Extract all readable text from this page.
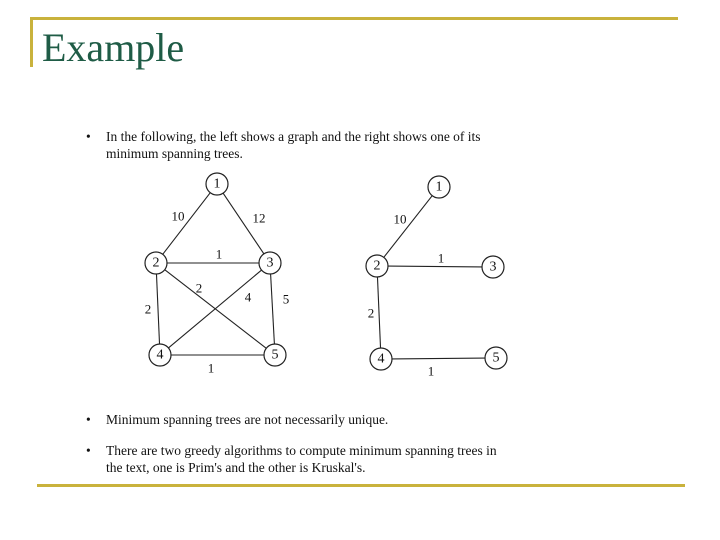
Example
• In the following, the left shows a graph and the right shows one of its
minimum spanning trees.
• Minimum spanning trees are not necessarily unique.
• There are two greedy algorithms to compute minimum spanning trees in
the text, one is Prim's and the other is Kruskal's.
10	12
1
2
2
4 5
1
1
2	3
4	5
10
1
2
1
1
2	3
4	5
